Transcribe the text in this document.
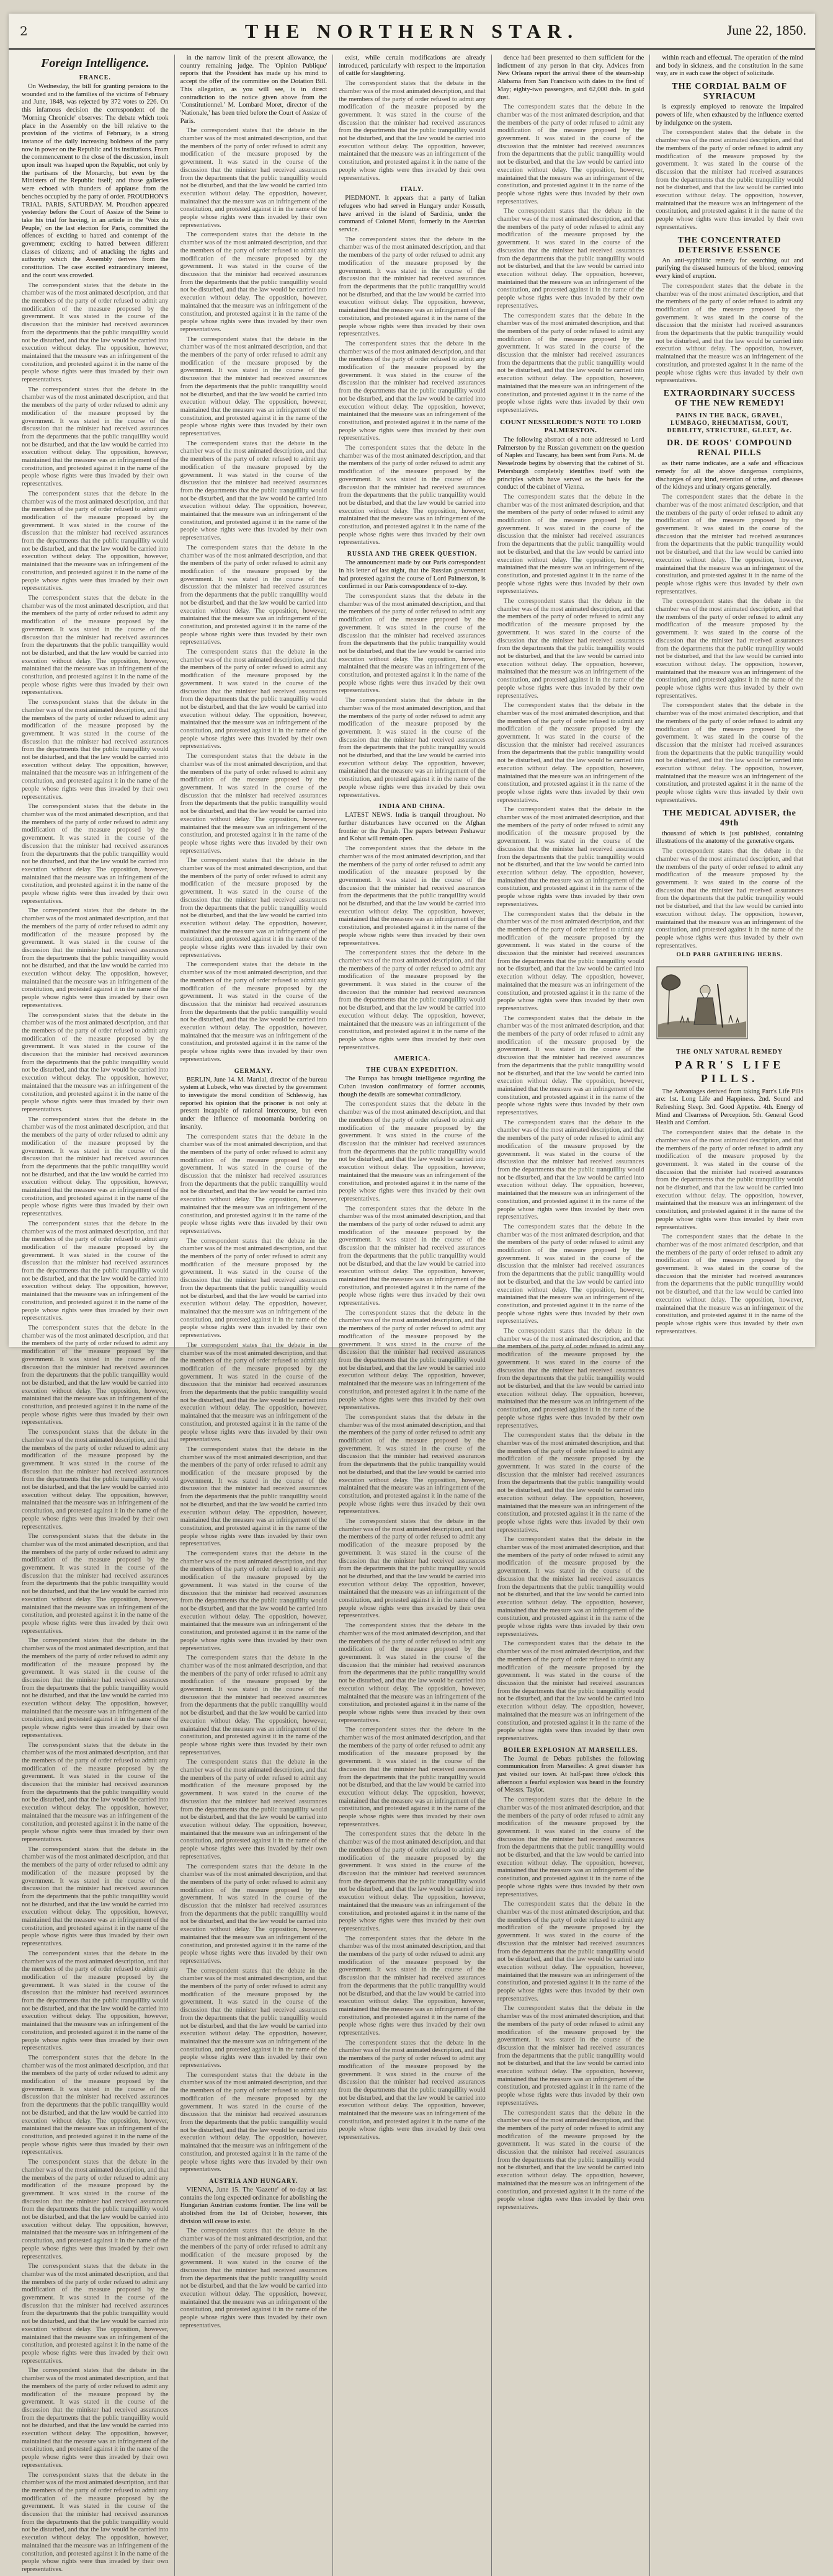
2	THE NORTHERN STAR.	June 22, 1850.
Foreign Intelligence.
FRANCE.

On Wednesday, the bill for granting pensions to the wounded and to the families of the victims of February and June, 1848, was rejected by 372 votes to 226. On this infamous decision the correspondent of the 'Morning Chronicle' observes: The debate which took place in the Assembly on the bill relative to the provision of the victims of February, is a strong instance of the daily increasing boldness of the party now in power on the Republic and its institutions. From the commencement to the close of the discussion, insult upon insult was heaped upon the Republic, not only by the partisans of the Monarchy, but even by the Ministers of the Republic itself; and those galleries were echoed with thunders of applause from the benches occupied by the party of order. PROUDHON'S TRIAL. PARIS, SATURDAY. M. Proudhon appeared yesterday before the Court of Assize of the Seine to take his trial for having, in an article in the 'Voix du Peuple,' on the last election for Paris, committed the offences of exciting to hatred and contempt of the government; exciting to hatred between different classes of citizens; and of attacking the rights and authority which the Assembly derives from the constitution. The case excited extraordinary interest, and the court was crowded.

The correspondent states that the debate in the chamber was of the most animated description, and that the members of the party of order refused to admit any modification of the measure proposed by the government. It was stated in the course of the discussion that the minister had received assurances from the departments that the public tranquillity would not be disturbed, and that the law would be carried into execution without delay. The opposition, however, maintained that the measure was an infringement of the constitution, and protested against it in the name of the people whose rights were thus invaded by their own representatives.

The correspondent states that the debate in the chamber was of the most animated description, and that the members of the party of order refused to admit any modification of the measure proposed by the government. It was stated in the course of the discussion that the minister had received assurances from the departments that the public tranquillity would not be disturbed, and that the law would be carried into execution without delay. The opposition, however, maintained that the measure was an infringement of the constitution, and protested against it in the name of the people whose rights were thus invaded by their own representatives.

The correspondent states that the debate in the chamber was of the most animated description, and that the members of the party of order refused to admit any modification of the measure proposed by the government. It was stated in the course of the discussion that the minister had received assurances from the departments that the public tranquillity would not be disturbed, and that the law would be carried into execution without delay. The opposition, however, maintained that the measure was an infringement of the constitution, and protested against it in the name of the people whose rights were thus invaded by their own representatives.

The correspondent states that the debate in the chamber was of the most animated description, and that the members of the party of order refused to admit any modification of the measure proposed by the government. It was stated in the course of the discussion that the minister had received assurances from the departments that the public tranquillity would not be disturbed, and that the law would be carried into execution without delay. The opposition, however, maintained that the measure was an infringement of the constitution, and protested against it in the name of the people whose rights were thus invaded by their own representatives.

The correspondent states that the debate in the chamber was of the most animated description, and that the members of the party of order refused to admit any modification of the measure proposed by the government. It was stated in the course of the discussion that the minister had received assurances from the departments that the public tranquillity would not be disturbed, and that the law would be carried into execution without delay. The opposition, however, maintained that the measure was an infringement of the constitution, and protested against it in the name of the people whose rights were thus invaded by their own representatives.

The correspondent states that the debate in the chamber was of the most animated description, and that the members of the party of order refused to admit any modification of the measure proposed by the government. It was stated in the course of the discussion that the minister had received assurances from the departments that the public tranquillity would not be disturbed, and that the law would be carried into execution without delay. The opposition, however, maintained that the measure was an infringement of the constitution, and protested against it in the name of the people whose rights were thus invaded by their own representatives.

The correspondent states that the debate in the chamber was of the most animated description, and that the members of the party of order refused to admit any modification of the measure proposed by the government. It was stated in the course of the discussion that the minister had received assurances from the departments that the public tranquillity would not be disturbed, and that the law would be carried into execution without delay. The opposition, however, maintained that the measure was an infringement of the constitution, and protested against it in the name of the people whose rights were thus invaded by their own representatives.

The correspondent states that the debate in the chamber was of the most animated description, and that the members of the party of order refused to admit any modification of the measure proposed by the government. It was stated in the course of the discussion that the minister had received assurances from the departments that the public tranquillity would not be disturbed, and that the law would be carried into execution without delay. The opposition, however, maintained that the measure was an infringement of the constitution, and protested against it in the name of the people whose rights were thus invaded by their own representatives.

The correspondent states that the debate in the chamber was of the most animated description, and that the members of the party of order refused to admit any modification of the measure proposed by the government. It was stated in the course of the discussion that the minister had received assurances from the departments that the public tranquillity would not be disturbed, and that the law would be carried into execution without delay. The opposition, however, maintained that the measure was an infringement of the constitution, and protested against it in the name of the people whose rights were thus invaded by their own representatives.

The correspondent states that the debate in the chamber was of the most animated description, and that the members of the party of order refused to admit any modification of the measure proposed by the government. It was stated in the course of the discussion that the minister had received assurances from the departments that the public tranquillity would not be disturbed, and that the law would be carried into execution without delay. The opposition, however, maintained that the measure was an infringement of the constitution, and protested against it in the name of the people whose rights were thus invaded by their own representatives.

The correspondent states that the debate in the chamber was of the most animated description, and that the members of the party of order refused to admit any modification of the measure proposed by the government. It was stated in the course of the discussion that the minister had received assurances from the departments that the public tranquillity would not be disturbed, and that the law would be carried into execution without delay. The opposition, however, maintained that the measure was an infringement of the constitution, and protested against it in the name of the people whose rights were thus invaded by their own representatives.

The correspondent states that the debate in the chamber was of the most animated description, and that the members of the party of order refused to admit any modification of the measure proposed by the government. It was stated in the course of the discussion that the minister had received assurances from the departments that the public tranquillity would not be disturbed, and that the law would be carried into execution without delay. The opposition, however, maintained that the measure was an infringement of the constitution, and protested against it in the name of the people whose rights were thus invaded by their own representatives.

The correspondent states that the debate in the chamber was of the most animated description, and that the members of the party of order refused to admit any modification of the measure proposed by the government. It was stated in the course of the discussion that the minister had received assurances from the departments that the public tranquillity would not be disturbed, and that the law would be carried into execution without delay. The opposition, however, maintained that the measure was an infringement of the constitution, and protested against it in the name of the people whose rights were thus invaded by their own representatives.

The correspondent states that the debate in the chamber was of the most animated description, and that the members of the party of order refused to admit any modification of the measure proposed by the government. It was stated in the course of the discussion that the minister had received assurances from the departments that the public tranquillity would not be disturbed, and that the law would be carried into execution without delay. The opposition, however, maintained that the measure was an infringement of the constitution, and protested against it in the name of the people whose rights were thus invaded by their own representatives.

The correspondent states that the debate in the chamber was of the most animated description, and that the members of the party of order refused to admit any modification of the measure proposed by the government. It was stated in the course of the discussion that the minister had received assurances from the departments that the public tranquillity would not be disturbed, and that the law would be carried into execution without delay. The opposition, however, maintained that the measure was an infringement of the constitution, and protested against it in the name of the people whose rights were thus invaded by their own representatives.

The correspondent states that the debate in the chamber was of the most animated description, and that the members of the party of order refused to admit any modification of the measure proposed by the government. It was stated in the course of the discussion that the minister had received assurances from the departments that the public tranquillity would not be disturbed, and that the law would be carried into execution without delay. The opposition, however, maintained that the measure was an infringement of the constitution, and protested against it in the name of the people whose rights were thus invaded by their own representatives.

The correspondent states that the debate in the chamber was of the most animated description, and that the members of the party of order refused to admit any modification of the measure proposed by the government. It was stated in the course of the discussion that the minister had received assurances from the departments that the public tranquillity would not be disturbed, and that the law would be carried into execution without delay. The opposition, however, maintained that the measure was an infringement of the constitution, and protested against it in the name of the people whose rights were thus invaded by their own representatives.

The correspondent states that the debate in the chamber was of the most animated description, and that the members of the party of order refused to admit any modification of the measure proposed by the government. It was stated in the course of the discussion that the minister had received assurances from the departments that the public tranquillity would not be disturbed, and that the law would be carried into execution without delay. The opposition, however, maintained that the measure was an infringement of the constitution, and protested against it in the name of the people whose rights were thus invaded by their own representatives.

The correspondent states that the debate in the chamber was of the most animated description, and that the members of the party of order refused to admit any modification of the measure proposed by the government. It was stated in the course of the discussion that the minister had received assurances from the departments that the public tranquillity would not be disturbed, and that the law would be carried into execution without delay. The opposition, however, maintained that the measure was an infringement of the constitution, and protested against it in the name of the people whose rights were thus invaded by their own representatives.

The correspondent states that the debate in the chamber was of the most animated description, and that the members of the party of order refused to admit any modification of the measure proposed by the government. It was stated in the course of the discussion that the minister had received assurances from the departments that the public tranquillity would not be disturbed, and that the law would be carried into execution without delay. The opposition, however, maintained that the measure was an infringement of the constitution, and protested against it in the name of the people whose rights were thus invaded by their own representatives.

The correspondent states that the debate in the chamber was of the most animated description, and that the members of the party of order refused to admit any modification of the measure proposed by the government. It was stated in the course of the discussion that the minister had received assurances from the departments that the public tranquillity would not be disturbed, and that the law would be carried into execution without delay. The opposition, however, maintained that the measure was an infringement of the constitution, and protested against it in the name of the people whose rights were thus invaded by their own representatives.

The correspondent states that the debate in the chamber was of the most animated description, and that the members of the party of order refused to admit any modification of the measure proposed by the government. It was stated in the course of the discussion that the minister had received assurances from the departments that the public tranquillity would not be disturbed, and that the law would be carried into execution without delay. The opposition, however, maintained that the measure was an infringement of the constitution, and protested against it in the name of the people whose rights were thus invaded by their own representatives.

in the narrow limit of the present allowance, the country remaining judge. The 'Opinion Publique' reports that the President has made up his mind to accept the offer of the committee on the Dotation Bill. This allegation, as you will see, is in direct contradiction to the notice given above from the 'Constitutionnel.' M. Lombard Moret, director of the 'Nationale,' has been tried before the Court of Assize of Paris.

The correspondent states that the debate in the chamber was of the most animated description, and that the members of the party of order refused to admit any modification of the measure proposed by the government. It was stated in the course of the discussion that the minister had received assurances from the departments that the public tranquillity would not be disturbed, and that the law would be carried into execution without delay. The opposition, however, maintained that the measure was an infringement of the constitution, and protested against it in the name of the people whose rights were thus invaded by their own representatives.

The correspondent states that the debate in the chamber was of the most animated description, and that the members of the party of order refused to admit any modification of the measure proposed by the government. It was stated in the course of the discussion that the minister had received assurances from the departments that the public tranquillity would not be disturbed, and that the law would be carried into execution without delay. The opposition, however, maintained that the measure was an infringement of the constitution, and protested against it in the name of the people whose rights were thus invaded by their own representatives.

The correspondent states that the debate in the chamber was of the most animated description, and that the members of the party of order refused to admit any modification of the measure proposed by the government. It was stated in the course of the discussion that the minister had received assurances from the departments that the public tranquillity would not be disturbed, and that the law would be carried into execution without delay. The opposition, however, maintained that the measure was an infringement of the constitution, and protested against it in the name of the people whose rights were thus invaded by their own representatives.

The correspondent states that the debate in the chamber was of the most animated description, and that the members of the party of order refused to admit any modification of the measure proposed by the government. It was stated in the course of the discussion that the minister had received assurances from the departments that the public tranquillity would not be disturbed, and that the law would be carried into execution without delay. The opposition, however, maintained that the measure was an infringement of the constitution, and protested against it in the name of the people whose rights were thus invaded by their own representatives.

The correspondent states that the debate in the chamber was of the most animated description, and that the members of the party of order refused to admit any modification of the measure proposed by the government. It was stated in the course of the discussion that the minister had received assurances from the departments that the public tranquillity would not be disturbed, and that the law would be carried into execution without delay. The opposition, however, maintained that the measure was an infringement of the constitution, and protested against it in the name of the people whose rights were thus invaded by their own representatives.

The correspondent states that the debate in the chamber was of the most animated description, and that the members of the party of order refused to admit any modification of the measure proposed by the government. It was stated in the course of the discussion that the minister had received assurances from the departments that the public tranquillity would not be disturbed, and that the law would be carried into execution without delay. The opposition, however, maintained that the measure was an infringement of the constitution, and protested against it in the name of the people whose rights were thus invaded by their own representatives.

The correspondent states that the debate in the chamber was of the most animated description, and that the members of the party of order refused to admit any modification of the measure proposed by the government. It was stated in the course of the discussion that the minister had received assurances from the departments that the public tranquillity would not be disturbed, and that the law would be carried into execution without delay. The opposition, however, maintained that the measure was an infringement of the constitution, and protested against it in the name of the people whose rights were thus invaded by their own representatives.

The correspondent states that the debate in the chamber was of the most animated description, and that the members of the party of order refused to admit any modification of the measure proposed by the government. It was stated in the course of the discussion that the minister had received assurances from the departments that the public tranquillity would not be disturbed, and that the law would be carried into execution without delay. The opposition, however, maintained that the measure was an infringement of the constitution, and protested against it in the name of the people whose rights were thus invaded by their own representatives.

The correspondent states that the debate in the chamber was of the most animated description, and that the members of the party of order refused to admit any modification of the measure proposed by the government. It was stated in the course of the discussion that the minister had received assurances from the departments that the public tranquillity would not be disturbed, and that the law would be carried into execution without delay. The opposition, however, maintained that the measure was an infringement of the constitution, and protested against it in the name of the people whose rights were thus invaded by their own representatives.

GERMANY.

BERLIN, June 14. M. Martial, director of the bureau system at Lubeck, who was directed by the government to investigate the moral condition of Schleswig, has reported his opinion that the prisoner is not only at present incapable of rational intercourse, but even under the influence of monomania bordering on insanity.

The correspondent states that the debate in the chamber was of the most animated description, and that the members of the party of order refused to admit any modification of the measure proposed by the government. It was stated in the course of the discussion that the minister had received assurances from the departments that the public tranquillity would not be disturbed, and that the law would be carried into execution without delay. The opposition, however, maintained that the measure was an infringement of the constitution, and protested against it in the name of the people whose rights were thus invaded by their own representatives.

The correspondent states that the debate in the chamber was of the most animated description, and that the members of the party of order refused to admit any modification of the measure proposed by the government. It was stated in the course of the discussion that the minister had received assurances from the departments that the public tranquillity would not be disturbed, and that the law would be carried into execution without delay. The opposition, however, maintained that the measure was an infringement of the constitution, and protested against it in the name of the people whose rights were thus invaded by their own representatives.

The correspondent states that the debate in the chamber was of the most animated description, and that the members of the party of order refused to admit any modification of the measure proposed by the government. It was stated in the course of the discussion that the minister had received assurances from the departments that the public tranquillity would not be disturbed, and that the law would be carried into execution without delay. The opposition, however, maintained that the measure was an infringement of the constitution, and protested against it in the name of the people whose rights were thus invaded by their own representatives.

The correspondent states that the debate in the chamber was of the most animated description, and that the members of the party of order refused to admit any modification of the measure proposed by the government. It was stated in the course of the discussion that the minister had received assurances from the departments that the public tranquillity would not be disturbed, and that the law would be carried into execution without delay. The opposition, however, maintained that the measure was an infringement of the constitution, and protested against it in the name of the people whose rights were thus invaded by their own representatives.

The correspondent states that the debate in the chamber was of the most animated description, and that the members of the party of order refused to admit any modification of the measure proposed by the government. It was stated in the course of the discussion that the minister had received assurances from the departments that the public tranquillity would not be disturbed, and that the law would be carried into execution without delay. The opposition, however, maintained that the measure was an infringement of the constitution, and protested against it in the name of the people whose rights were thus invaded by their own representatives.

The correspondent states that the debate in the chamber was of the most animated description, and that the members of the party of order refused to admit any modification of the measure proposed by the government. It was stated in the course of the discussion that the minister had received assurances from the departments that the public tranquillity would not be disturbed, and that the law would be carried into execution without delay. The opposition, however, maintained that the measure was an infringement of the constitution, and protested against it in the name of the people whose rights were thus invaded by their own representatives.

The correspondent states that the debate in the chamber was of the most animated description, and that the members of the party of order refused to admit any modification of the measure proposed by the government. It was stated in the course of the discussion that the minister had received assurances from the departments that the public tranquillity would not be disturbed, and that the law would be carried into execution without delay. The opposition, however, maintained that the measure was an infringement of the constitution, and protested against it in the name of the people whose rights were thus invaded by their own representatives.

The correspondent states that the debate in the chamber was of the most animated description, and that the members of the party of order refused to admit any modification of the measure proposed by the government. It was stated in the course of the discussion that the minister had received assurances from the departments that the public tranquillity would not be disturbed, and that the law would be carried into execution without delay. The opposition, however, maintained that the measure was an infringement of the constitution, and protested against it in the name of the people whose rights were thus invaded by their own representatives.

The correspondent states that the debate in the chamber was of the most animated description, and that the members of the party of order refused to admit any modification of the measure proposed by the government. It was stated in the course of the discussion that the minister had received assurances from the departments that the public tranquillity would not be disturbed, and that the law would be carried into execution without delay. The opposition, however, maintained that the measure was an infringement of the constitution, and protested against it in the name of the people whose rights were thus invaded by their own representatives.

The correspondent states that the debate in the chamber was of the most animated description, and that the members of the party of order refused to admit any modification of the measure proposed by the government. It was stated in the course of the discussion that the minister had received assurances from the departments that the public tranquillity would not be disturbed, and that the law would be carried into execution without delay. The opposition, however, maintained that the measure was an infringement of the constitution, and protested against it in the name of the people whose rights were thus invaded by their own representatives.

AUSTRIA AND HUNGARY.

VIENNA, June 15. The 'Gazette' of to-day at last contains the long expected ordinance for abolishing the Hungarian Austrian customs frontier. The line will be abolished from the 1st of October, however, this division will cease to exist.

The correspondent states that the debate in the chamber was of the most animated description, and that the members of the party of order refused to admit any modification of the measure proposed by the government. It was stated in the course of the discussion that the minister had received assurances from the departments that the public tranquillity would not be disturbed, and that the law would be carried into execution without delay. The opposition, however, maintained that the measure was an infringement of the constitution, and protested against it in the name of the people whose rights were thus invaded by their own representatives.

exist, while certain modifications are already introduced, particularly with respect to the importation of cattle for slaughtering.

The correspondent states that the debate in the chamber was of the most animated description, and that the members of the party of order refused to admit any modification of the measure proposed by the government. It was stated in the course of the discussion that the minister had received assurances from the departments that the public tranquillity would not be disturbed, and that the law would be carried into execution without delay. The opposition, however, maintained that the measure was an infringement of the constitution, and protested against it in the name of the people whose rights were thus invaded by their own representatives.

ITALY.

PIEDMONT. It appears that a party of Italian refugees who had served in Hungary under Kossuth, have arrived in the island of Sardinia, under the command of Colonel Monti, formerly in the Austrian service.

The correspondent states that the debate in the chamber was of the most animated description, and that the members of the party of order refused to admit any modification of the measure proposed by the government. It was stated in the course of the discussion that the minister had received assurances from the departments that the public tranquillity would not be disturbed, and that the law would be carried into execution without delay. The opposition, however, maintained that the measure was an infringement of the constitution, and protested against it in the name of the people whose rights were thus invaded by their own representatives.

The correspondent states that the debate in the chamber was of the most animated description, and that the members of the party of order refused to admit any modification of the measure proposed by the government. It was stated in the course of the discussion that the minister had received assurances from the departments that the public tranquillity would not be disturbed, and that the law would be carried into execution without delay. The opposition, however, maintained that the measure was an infringement of the constitution, and protested against it in the name of the people whose rights were thus invaded by their own representatives.

The correspondent states that the debate in the chamber was of the most animated description, and that the members of the party of order refused to admit any modification of the measure proposed by the government. It was stated in the course of the discussion that the minister had received assurances from the departments that the public tranquillity would not be disturbed, and that the law would be carried into execution without delay. The opposition, however, maintained that the measure was an infringement of the constitution, and protested against it in the name of the people whose rights were thus invaded by their own representatives.

RUSSIA AND THE GREEK QUESTION.

The announcement made by our Paris correspondent in his letter of last night, that the Russian government had protested against the course of Lord Palmerston, is confirmed in our Paris correspondence of to-day.

The correspondent states that the debate in the chamber was of the most animated description, and that the members of the party of order refused to admit any modification of the measure proposed by the government. It was stated in the course of the discussion that the minister had received assurances from the departments that the public tranquillity would not be disturbed, and that the law would be carried into execution without delay. The opposition, however, maintained that the measure was an infringement of the constitution, and protested against it in the name of the people whose rights were thus invaded by their own representatives.

The correspondent states that the debate in the chamber was of the most animated description, and that the members of the party of order refused to admit any modification of the measure proposed by the government. It was stated in the course of the discussion that the minister had received assurances from the departments that the public tranquillity would not be disturbed, and that the law would be carried into execution without delay. The opposition, however, maintained that the measure was an infringement of the constitution, and protested against it in the name of the people whose rights were thus invaded by their own representatives.

INDIA AND CHINA.

LATEST NEWS. India is tranquil throughout. No further disturbances have occurred on the Afghan frontier or the Punjab. The papers between Peshawur and Kohat will remain open.

The correspondent states that the debate in the chamber was of the most animated description, and that the members of the party of order refused to admit any modification of the measure proposed by the government. It was stated in the course of the discussion that the minister had received assurances from the departments that the public tranquillity would not be disturbed, and that the law would be carried into execution without delay. The opposition, however, maintained that the measure was an infringement of the constitution, and protested against it in the name of the people whose rights were thus invaded by their own representatives.

The correspondent states that the debate in the chamber was of the most animated description, and that the members of the party of order refused to admit any modification of the measure proposed by the government. It was stated in the course of the discussion that the minister had received assurances from the departments that the public tranquillity would not be disturbed, and that the law would be carried into execution without delay. The opposition, however, maintained that the measure was an infringement of the constitution, and protested against it in the name of the people whose rights were thus invaded by their own representatives.

AMERICA.
THE CUBAN EXPEDITION.

The Europa has brought intelligence regarding the Cuban invasion confirmatory of former accounts, though the details are somewhat contradictory.

The correspondent states that the debate in the chamber was of the most animated description, and that the members of the party of order refused to admit any modification of the measure proposed by the government. It was stated in the course of the discussion that the minister had received assurances from the departments that the public tranquillity would not be disturbed, and that the law would be carried into execution without delay. The opposition, however, maintained that the measure was an infringement of the constitution, and protested against it in the name of the people whose rights were thus invaded by their own representatives.

The correspondent states that the debate in the chamber was of the most animated description, and that the members of the party of order refused to admit any modification of the measure proposed by the government. It was stated in the course of the discussion that the minister had received assurances from the departments that the public tranquillity would not be disturbed, and that the law would be carried into execution without delay. The opposition, however, maintained that the measure was an infringement of the constitution, and protested against it in the name of the people whose rights were thus invaded by their own representatives.

The correspondent states that the debate in the chamber was of the most animated description, and that the members of the party of order refused to admit any modification of the measure proposed by the government. It was stated in the course of the discussion that the minister had received assurances from the departments that the public tranquillity would not be disturbed, and that the law would be carried into execution without delay. The opposition, however, maintained that the measure was an infringement of the constitution, and protested against it in the name of the people whose rights were thus invaded by their own representatives.

The correspondent states that the debate in the chamber was of the most animated description, and that the members of the party of order refused to admit any modification of the measure proposed by the government. It was stated in the course of the discussion that the minister had received assurances from the departments that the public tranquillity would not be disturbed, and that the law would be carried into execution without delay. The opposition, however, maintained that the measure was an infringement of the constitution, and protested against it in the name of the people whose rights were thus invaded by their own representatives.

The correspondent states that the debate in the chamber was of the most animated description, and that the members of the party of order refused to admit any modification of the measure proposed by the government. It was stated in the course of the discussion that the minister had received assurances from the departments that the public tranquillity would not be disturbed, and that the law would be carried into execution without delay. The opposition, however, maintained that the measure was an infringement of the constitution, and protested against it in the name of the people whose rights were thus invaded by their own representatives.

The correspondent states that the debate in the chamber was of the most animated description, and that the members of the party of order refused to admit any modification of the measure proposed by the government. It was stated in the course of the discussion that the minister had received assurances from the departments that the public tranquillity would not be disturbed, and that the law would be carried into execution without delay. The opposition, however, maintained that the measure was an infringement of the constitution, and protested against it in the name of the people whose rights were thus invaded by their own representatives.

The correspondent states that the debate in the chamber was of the most animated description, and that the members of the party of order refused to admit any modification of the measure proposed by the government. It was stated in the course of the discussion that the minister had received assurances from the departments that the public tranquillity would not be disturbed, and that the law would be carried into execution without delay. The opposition, however, maintained that the measure was an infringement of the constitution, and protested against it in the name of the people whose rights were thus invaded by their own representatives.

The correspondent states that the debate in the chamber was of the most animated description, and that the members of the party of order refused to admit any modification of the measure proposed by the government. It was stated in the course of the discussion that the minister had received assurances from the departments that the public tranquillity would not be disturbed, and that the law would be carried into execution without delay. The opposition, however, maintained that the measure was an infringement of the constitution, and protested against it in the name of the people whose rights were thus invaded by their own representatives.

The correspondent states that the debate in the chamber was of the most animated description, and that the members of the party of order refused to admit any modification of the measure proposed by the government. It was stated in the course of the discussion that the minister had received assurances from the departments that the public tranquillity would not be disturbed, and that the law would be carried into execution without delay. The opposition, however, maintained that the measure was an infringement of the constitution, and protested against it in the name of the people whose rights were thus invaded by their own representatives.

The correspondent states that the debate in the chamber was of the most animated description, and that the members of the party of order refused to admit any modification of the measure proposed by the government. It was stated in the course of the discussion that the minister had received assurances from the departments that the public tranquillity would not be disturbed, and that the law would be carried into execution without delay. The opposition, however, maintained that the measure was an infringement of the constitution, and protested against it in the name of the people whose rights were thus invaded by their own representatives.

dence had been presented to them sufficient for the indictment of any person in that city. Advices from New Orleans report the arrival there of the steam-ship Alabama from San Francisco with dates to the first of May; eighty-two passengers, and 62,000 dols. in gold dust.

The correspondent states that the debate in the chamber was of the most animated description, and that the members of the party of order refused to admit any modification of the measure proposed by the government. It was stated in the course of the discussion that the minister had received assurances from the departments that the public tranquillity would not be disturbed, and that the law would be carried into execution without delay. The opposition, however, maintained that the measure was an infringement of the constitution, and protested against it in the name of the people whose rights were thus invaded by their own representatives.

The correspondent states that the debate in the chamber was of the most animated description, and that the members of the party of order refused to admit any modification of the measure proposed by the government. It was stated in the course of the discussion that the minister had received assurances from the departments that the public tranquillity would not be disturbed, and that the law would be carried into execution without delay. The opposition, however, maintained that the measure was an infringement of the constitution, and protested against it in the name of the people whose rights were thus invaded by their own representatives.

The correspondent states that the debate in the chamber was of the most animated description, and that the members of the party of order refused to admit any modification of the measure proposed by the government. It was stated in the course of the discussion that the minister had received assurances from the departments that the public tranquillity would not be disturbed, and that the law would be carried into execution without delay. The opposition, however, maintained that the measure was an infringement of the constitution, and protested against it in the name of the people whose rights were thus invaded by their own representatives.

COUNT NESSELRODE'S NOTE TO LORD PALMERSTON.

The following abstract of a note addressed to Lord Palmerston by the Russian government on the question of Naples and Tuscany, has been sent from Paris. M. de Nesselrode begins by observing that the cabinet of St. Petersburgh completely identifies itself with the principles which have served as the basis for the conduct of the cabinet of Vienna.

The correspondent states that the debate in the chamber was of the most animated description, and that the members of the party of order refused to admit any modification of the measure proposed by the government. It was stated in the course of the discussion that the minister had received assurances from the departments that the public tranquillity would not be disturbed, and that the law would be carried into execution without delay. The opposition, however, maintained that the measure was an infringement of the constitution, and protested against it in the name of the people whose rights were thus invaded by their own representatives.

The correspondent states that the debate in the chamber was of the most animated description, and that the members of the party of order refused to admit any modification of the measure proposed by the government. It was stated in the course of the discussion that the minister had received assurances from the departments that the public tranquillity would not be disturbed, and that the law would be carried into execution without delay. The opposition, however, maintained that the measure was an infringement of the constitution, and protested against it in the name of the people whose rights were thus invaded by their own representatives.

The correspondent states that the debate in the chamber was of the most animated description, and that the members of the party of order refused to admit any modification of the measure proposed by the government. It was stated in the course of the discussion that the minister had received assurances from the departments that the public tranquillity would not be disturbed, and that the law would be carried into execution without delay. The opposition, however, maintained that the measure was an infringement of the constitution, and protested against it in the name of the people whose rights were thus invaded by their own representatives.

The correspondent states that the debate in the chamber was of the most animated description, and that the members of the party of order refused to admit any modification of the measure proposed by the government. It was stated in the course of the discussion that the minister had received assurances from the departments that the public tranquillity would not be disturbed, and that the law would be carried into execution without delay. The opposition, however, maintained that the measure was an infringement of the constitution, and protested against it in the name of the people whose rights were thus invaded by their own representatives.

The correspondent states that the debate in the chamber was of the most animated description, and that the members of the party of order refused to admit any modification of the measure proposed by the government. It was stated in the course of the discussion that the minister had received assurances from the departments that the public tranquillity would not be disturbed, and that the law would be carried into execution without delay. The opposition, however, maintained that the measure was an infringement of the constitution, and protested against it in the name of the people whose rights were thus invaded by their own representatives.

The correspondent states that the debate in the chamber was of the most animated description, and that the members of the party of order refused to admit any modification of the measure proposed by the government. It was stated in the course of the discussion that the minister had received assurances from the departments that the public tranquillity would not be disturbed, and that the law would be carried into execution without delay. The opposition, however, maintained that the measure was an infringement of the constitution, and protested against it in the name of the people whose rights were thus invaded by their own representatives.

The correspondent states that the debate in the chamber was of the most animated description, and that the members of the party of order refused to admit any modification of the measure proposed by the government. It was stated in the course of the discussion that the minister had received assurances from the departments that the public tranquillity would not be disturbed, and that the law would be carried into execution without delay. The opposition, however, maintained that the measure was an infringement of the constitution, and protested against it in the name of the people whose rights were thus invaded by their own representatives.

The correspondent states that the debate in the chamber was of the most animated description, and that the members of the party of order refused to admit any modification of the measure proposed by the government. It was stated in the course of the discussion that the minister had received assurances from the departments that the public tranquillity would not be disturbed, and that the law would be carried into execution without delay. The opposition, however, maintained that the measure was an infringement of the constitution, and protested against it in the name of the people whose rights were thus invaded by their own representatives.

The correspondent states that the debate in the chamber was of the most animated description, and that the members of the party of order refused to admit any modification of the measure proposed by the government. It was stated in the course of the discussion that the minister had received assurances from the departments that the public tranquillity would not be disturbed, and that the law would be carried into execution without delay. The opposition, however, maintained that the measure was an infringement of the constitution, and protested against it in the name of the people whose rights were thus invaded by their own representatives.

The correspondent states that the debate in the chamber was of the most animated description, and that the members of the party of order refused to admit any modification of the measure proposed by the government. It was stated in the course of the discussion that the minister had received assurances from the departments that the public tranquillity would not be disturbed, and that the law would be carried into execution without delay. The opposition, however, maintained that the measure was an infringement of the constitution, and protested against it in the name of the people whose rights were thus invaded by their own representatives.

The correspondent states that the debate in the chamber was of the most animated description, and that the members of the party of order refused to admit any modification of the measure proposed by the government. It was stated in the course of the discussion that the minister had received assurances from the departments that the public tranquillity would not be disturbed, and that the law would be carried into execution without delay. The opposition, however, maintained that the measure was an infringement of the constitution, and protested against it in the name of the people whose rights were thus invaded by their own representatives.

The correspondent states that the debate in the chamber was of the most animated description, and that the members of the party of order refused to admit any modification of the measure proposed by the government. It was stated in the course of the discussion that the minister had received assurances from the departments that the public tranquillity would not be disturbed, and that the law would be carried into execution without delay. The opposition, however, maintained that the measure was an infringement of the constitution, and protested against it in the name of the people whose rights were thus invaded by their own representatives.

BOILER EXPLOSION AT MARSEILLES.

The Journal de Debats publishes the following communication from Marseilles: A great disaster has just visited our town. At half-past three o'clock this afternoon a fearful explosion was heard in the foundry of Messrs. Taylor.

The correspondent states that the debate in the chamber was of the most animated description, and that the members of the party of order refused to admit any modification of the measure proposed by the government. It was stated in the course of the discussion that the minister had received assurances from the departments that the public tranquillity would not be disturbed, and that the law would be carried into execution without delay. The opposition, however, maintained that the measure was an infringement of the constitution, and protested against it in the name of the people whose rights were thus invaded by their own representatives.

The correspondent states that the debate in the chamber was of the most animated description, and that the members of the party of order refused to admit any modification of the measure proposed by the government. It was stated in the course of the discussion that the minister had received assurances from the departments that the public tranquillity would not be disturbed, and that the law would be carried into execution without delay. The opposition, however, maintained that the measure was an infringement of the constitution, and protested against it in the name of the people whose rights were thus invaded by their own representatives.

The correspondent states that the debate in the chamber was of the most animated description, and that the members of the party of order refused to admit any modification of the measure proposed by the government. It was stated in the course of the discussion that the minister had received assurances from the departments that the public tranquillity would not be disturbed, and that the law would be carried into execution without delay. The opposition, however, maintained that the measure was an infringement of the constitution, and protested against it in the name of the people whose rights were thus invaded by their own representatives.

The correspondent states that the debate in the chamber was of the most animated description, and that the members of the party of order refused to admit any modification of the measure proposed by the government. It was stated in the course of the discussion that the minister had received assurances from the departments that the public tranquillity would not be disturbed, and that the law would be carried into execution without delay. The opposition, however, maintained that the measure was an infringement of the constitution, and protested against it in the name of the people whose rights were thus invaded by their own representatives.

within reach and effectual. The operation of the mind and body in sickness, and the constitution in the same way, are in each case the object of solicitude.

THE CORDIAL BALM OF SYRIACUM

is expressly employed to renovate the impaired powers of life, when exhausted by the influence exerted by indulgence on the system.

The correspondent states that the debate in the chamber was of the most animated description, and that the members of the party of order refused to admit any modification of the measure proposed by the government. It was stated in the course of the discussion that the minister had received assurances from the departments that the public tranquillity would not be disturbed, and that the law would be carried into execution without delay. The opposition, however, maintained that the measure was an infringement of the constitution, and protested against it in the name of the people whose rights were thus invaded by their own representatives.

THE CONCENTRATED DETERSIVE ESSENCE

An anti-syphilitic remedy for searching out and purifying the diseased humours of the blood; removing every kind of eruption.

The correspondent states that the debate in the chamber was of the most animated description, and that the members of the party of order refused to admit any modification of the measure proposed by the government. It was stated in the course of the discussion that the minister had received assurances from the departments that the public tranquillity would not be disturbed, and that the law would be carried into execution without delay. The opposition, however, maintained that the measure was an infringement of the constitution, and protested against it in the name of the people whose rights were thus invaded by their own representatives.

EXTRAORDINARY SUCCESS OF THE NEW REMEDY!
PAINS IN THE BACK, GRAVEL, LUMBAGO, RHEUMATISM, GOUT, DEBILITY, STRICTURE, GLEET, &c.
DR. DE ROOS' COMPOUND RENAL PILLS

as their name indicates, are a safe and efficacious remedy for all the above dangerous complaints, discharges of any kind, retention of urine, and diseases of the kidneys and urinary organs generally.

The correspondent states that the debate in the chamber was of the most animated description, and that the members of the party of order refused to admit any modification of the measure proposed by the government. It was stated in the course of the discussion that the minister had received assurances from the departments that the public tranquillity would not be disturbed, and that the law would be carried into execution without delay. The opposition, however, maintained that the measure was an infringement of the constitution, and protested against it in the name of the people whose rights were thus invaded by their own representatives.

The correspondent states that the debate in the chamber was of the most animated description, and that the members of the party of order refused to admit any modification of the measure proposed by the government. It was stated in the course of the discussion that the minister had received assurances from the departments that the public tranquillity would not be disturbed, and that the law would be carried into execution without delay. The opposition, however, maintained that the measure was an infringement of the constitution, and protested against it in the name of the people whose rights were thus invaded by their own representatives.

The correspondent states that the debate in the chamber was of the most animated description, and that the members of the party of order refused to admit any modification of the measure proposed by the government. It was stated in the course of the discussion that the minister had received assurances from the departments that the public tranquillity would not be disturbed, and that the law would be carried into execution without delay. The opposition, however, maintained that the measure was an infringement of the constitution, and protested against it in the name of the people whose rights were thus invaded by their own representatives.

THE MEDICAL ADVISER, the 49th

thousand of which is just published, containing illustrations of the anatomy of the generative organs.

The correspondent states that the debate in the chamber was of the most animated description, and that the members of the party of order refused to admit any modification of the measure proposed by the government. It was stated in the course of the discussion that the minister had received assurances from the departments that the public tranquillity would not be disturbed, and that the law would be carried into execution without delay. The opposition, however, maintained that the measure was an infringement of the constitution, and protested against it in the name of the people whose rights were thus invaded by their own representatives.

OLD PARR GATHERING HERBS.
THE ONLY NATURAL REMEDY
PARR'S LIFE PILLS.

The Advantages derived from taking Parr's Life Pills are: 1st. Long Life and Happiness. 2nd. Sound and Refreshing Sleep. 3rd. Good Appetite. 4th. Energy of Mind and Clearness of Perception. 5th. General Good Health and Comfort.

The correspondent states that the debate in the chamber was of the most animated description, and that the members of the party of order refused to admit any modification of the measure proposed by the government. It was stated in the course of the discussion that the minister had received assurances from the departments that the public tranquillity would not be disturbed, and that the law would be carried into execution without delay. The opposition, however, maintained that the measure was an infringement of the constitution, and protested against it in the name of the people whose rights were thus invaded by their own representatives.

The correspondent states that the debate in the chamber was of the most animated description, and that the members of the party of order refused to admit any modification of the measure proposed by the government. It was stated in the course of the discussion that the minister had received assurances from the departments that the public tranquillity would not be disturbed, and that the law would be carried into execution without delay. The opposition, however, maintained that the measure was an infringement of the constitution, and protested against it in the name of the people whose rights were thus invaded by their own representatives.
